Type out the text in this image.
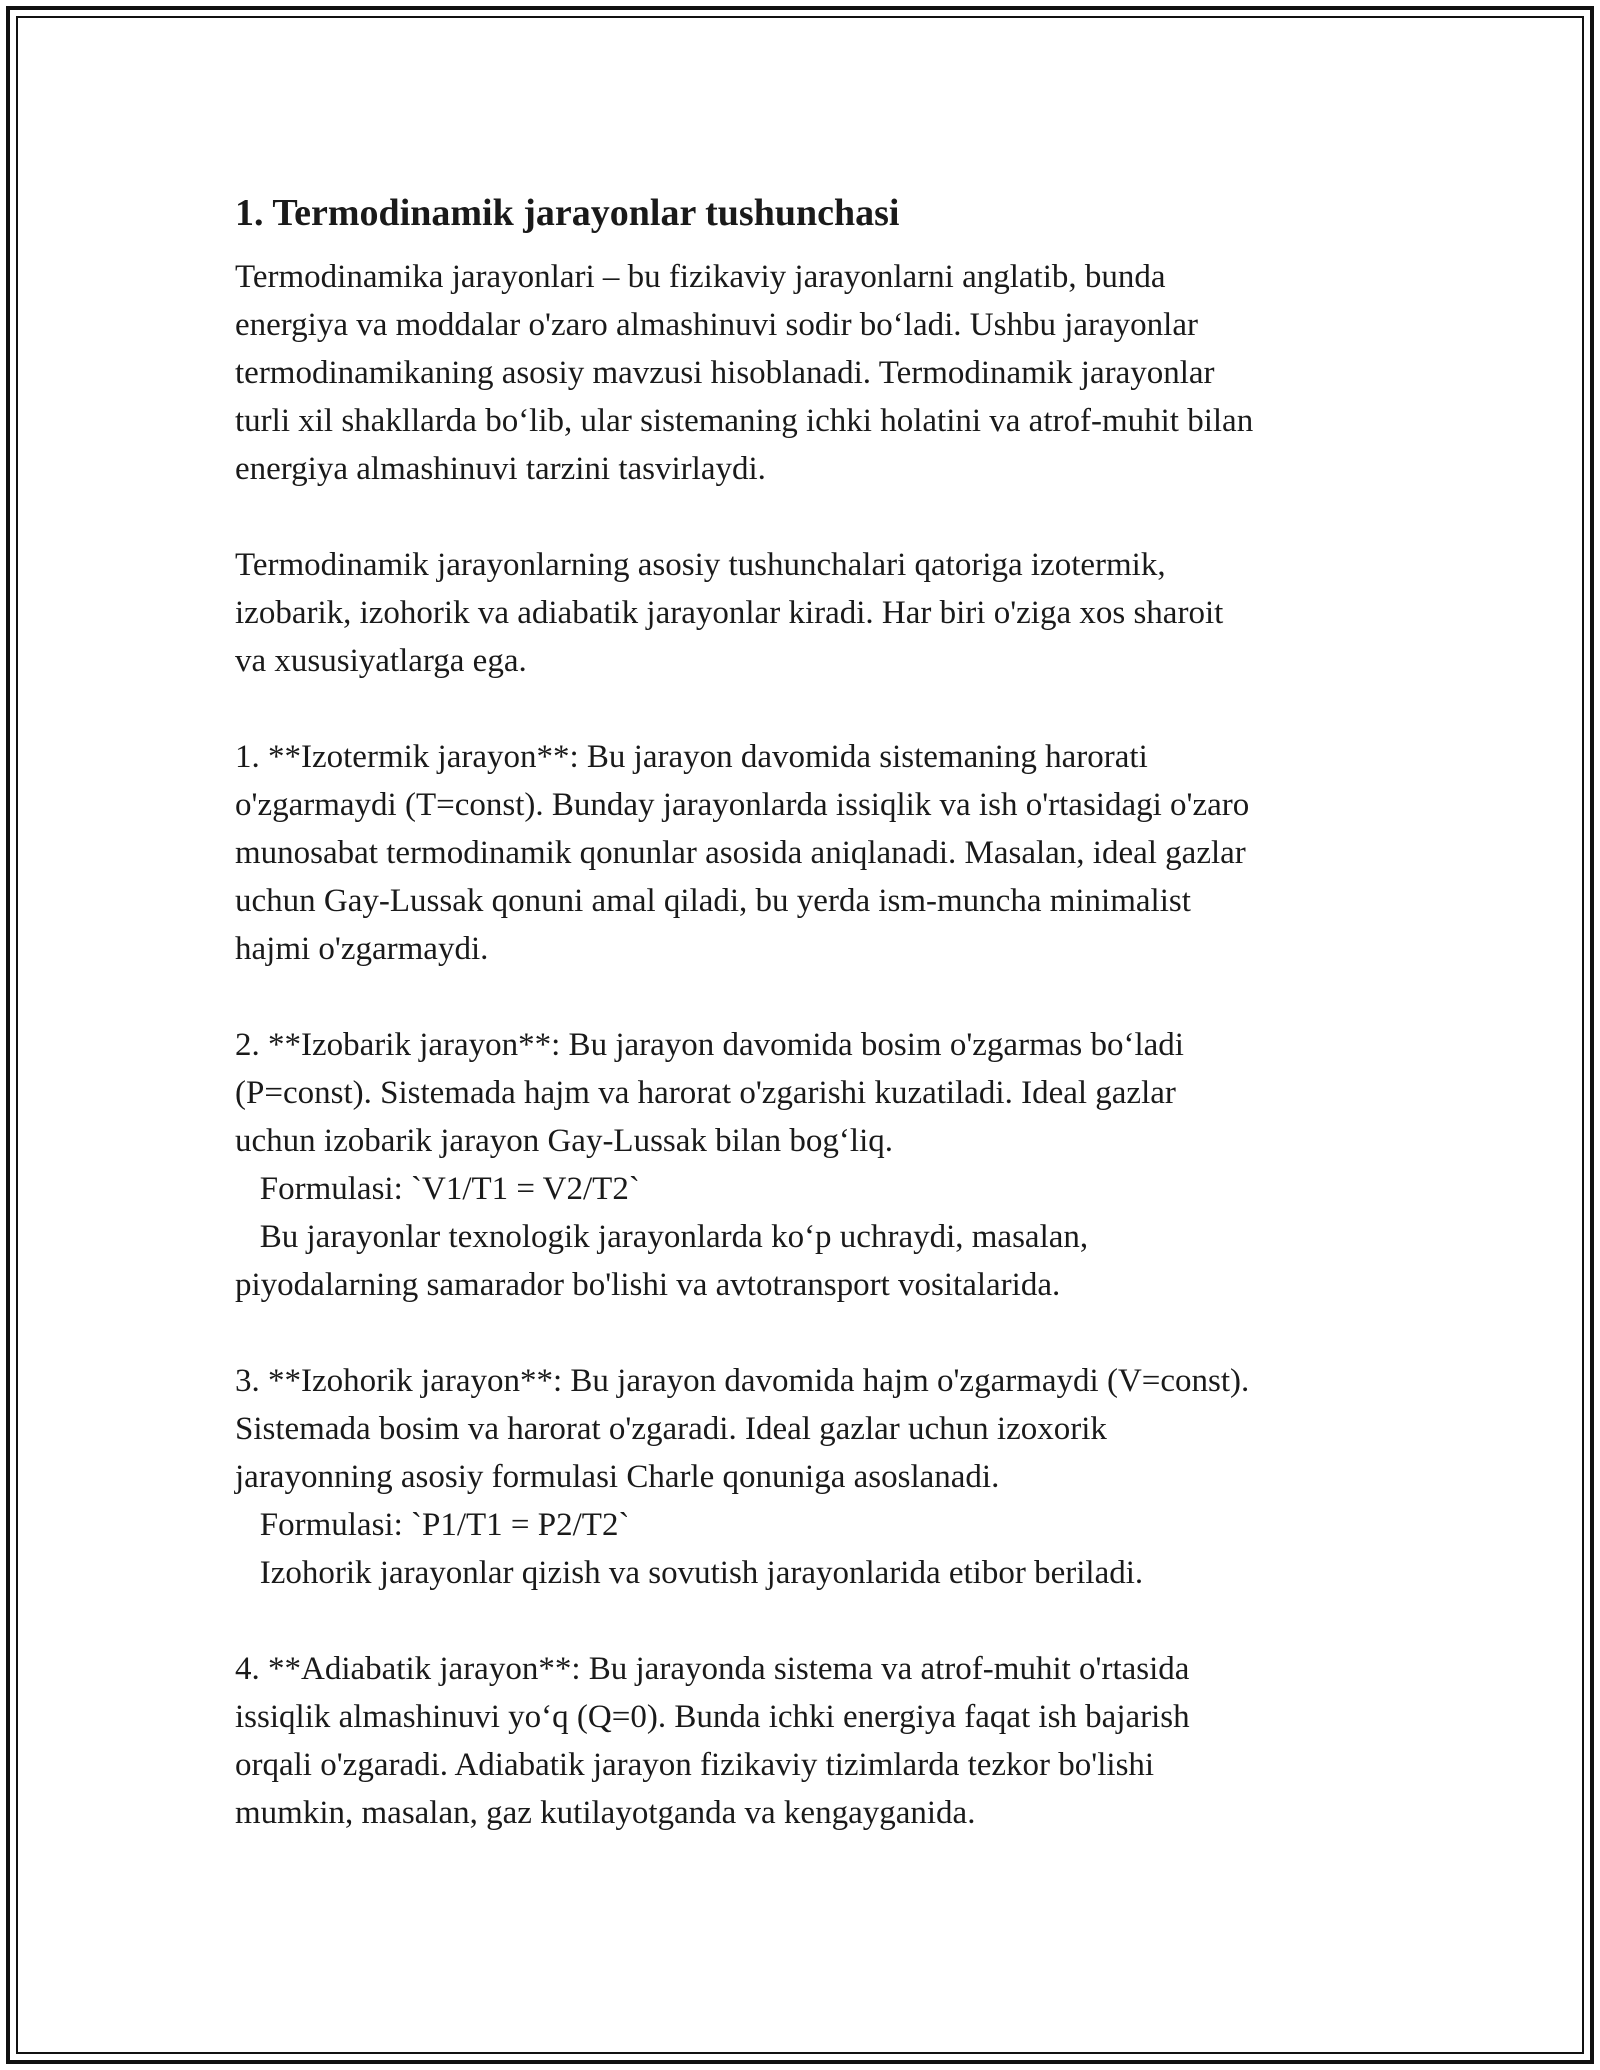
1. Termodinamik jarayonlar tushunchasi
Termodinamika jarayonlari – bu fizikaviy jarayonlarni anglatib, bunda
energiya va moddalar o'zaro almashinuvi sodir bo‘ladi. Ushbu jarayonlar
termodinamikaning asosiy mavzusi hisoblanadi. Termodinamik jarayonlar
turli xil shakllarda bo‘lib, ular sistemaning ichki holatini va atrof-muhit bilan
energiya almashinuvi tarzini tasvirlaydi.
Termodinamik jarayonlarning asosiy tushunchalari qatoriga izotermik,
izobarik, izohorik va adiabatik jarayonlar kiradi. Har biri o'ziga xos sharoit
va xususiyatlarga ega.
1. **Izotermik jarayon**: Bu jarayon davomida sistemaning harorati
o'zgarmaydi (T=const). Bunday jarayonlarda issiqlik va ish o'rtasidagi o'zaro
munosabat termodinamik qonunlar asosida aniqlanadi. Masalan, ideal gazlar
uchun Gay-Lussak qonuni amal qiladi, bu yerda ism-muncha minimalist
hajmi o'zgarmaydi.
2. **Izobarik jarayon**: Bu jarayon davomida bosim o'zgarmas bo‘ladi
(P=const). Sistemada hajm va harorat o'zgarishi kuzatiladi. Ideal gazlar
uchun izobarik jarayon Gay-Lussak bilan bog‘liq.
Formulasi: `V1/T1 = V2/T2`
Bu jarayonlar texnologik jarayonlarda ko‘p uchraydi, masalan,
piyodalarning samarador bo'lishi va avtotransport vositalarida.
3. **Izohorik jarayon**: Bu jarayon davomida hajm o'zgarmaydi (V=const).
Sistemada bosim va harorat o'zgaradi. Ideal gazlar uchun izoxorik
jarayonning asosiy formulasi Charle qonuniga asoslanadi.
Formulasi: `P1/T1 = P2/T2`
Izohorik jarayonlar qizish va sovutish jarayonlarida etibor beriladi.
4. **Adiabatik jarayon**: Bu jarayonda sistema va atrof-muhit o'rtasida
issiqlik almashinuvi yo‘q (Q=0). Bunda ichki energiya faqat ish bajarish
orqali o'zgaradi. Adiabatik jarayon fizikaviy tizimlarda tezkor bo'lishi
mumkin, masalan, gaz kutilayotganda va kengayganida.
